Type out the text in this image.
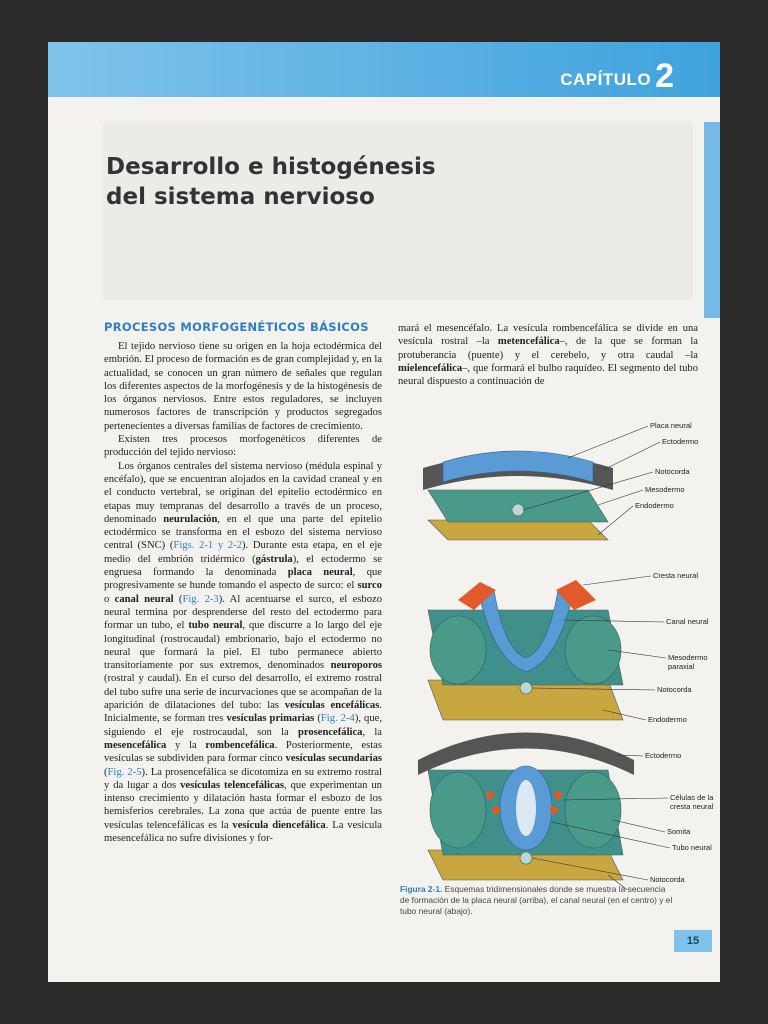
CAPÍTULO 2
Desarrollo e histogénesis
del sistema nervioso
PROCESOS MORFOGENÉTICOS BÁSICOS

El tejido nervioso tiene su origen en la hoja ectodérmica del embrión. El proceso de formación es de gran complejidad y, en la actualidad, se conocen un gran número de señales que regulan los diferentes aspectos de la morfogénesis y de la histogénesis de los órganos nerviosos. Entre estos reguladores, se incluyen numerosos factores de transcripción y productos segregados pertenecientes a diversas familias de factores de crecimiento.

Existen tres procesos morfogenéticos diferentes de producción del tejido nervioso:

Los órganos centrales del sistema nervioso (médula espinal y encéfalo), que se encuentran alojados en la cavidad craneal y en el conducto vertebral, se originan del epitelio ectodérmico en etapas muy tempranas del desarrollo a través de un proceso, denominado neurulación, en el que una parte del epitelio ectodérmico se transforma en el esbozo del sistema nervioso central (SNC) (Figs. 2-1 y 2-2). Durante esta etapa, en el eje medio del embrión tridérmico (gástrula), el ectodermo se engruesa formando la denominada placa neural, que progresivamente se hunde tomando el aspecto de surco: el surco o canal neural (Fig. 2-3). Al acentuarse el surco, el esbozo neural termina por desprenderse del resto del ectodermo para formar un tubo, el tubo neural, que discurre a lo largo del eje longitudinal (rostrocaudal) embrionario, bajo el ectodermo no neural que formará la piel. El tubo permanece abierto transitoriamente por sus extremos, denominados neuroporos (rostral y caudal). En el curso del desarrollo, el extremo rostral del tubo sufre una serie de incurvaciones que se acompañan de la aparición de dilataciones del tubo: las vesículas encefálicas. Inicialmente, se forman tres vesículas primarias (Fig. 2-4), que, siguiendo el eje rostrocaudal, son la prosencefálica, la mesencefálica y la rombencefálica. Posteriormente, estas vesículas se subdividen para formar cinco vesículas secundarias (Fig. 2-5). La prosencefálica se dicotomiza en su extremo rostral y da lugar a dos vesículas telencefálicas, que experimentan un intenso crecimiento y dilatación hasta formar el esbozo de los hemisferios cerebrales. La zona que actúa de puente entre las vesículas telencefálicas es la vesícula diencefálica. La vesícula mesencefálica no sufre divisiones y for-

mará el mesencéfalo. La vesícula rombencefálica se divide en una vesícula rostral –la metencefálica–, de la que se forman la protuberancia (puente) y el cerebelo, y otra caudal –la mielencefálica–, que formará el bulbo raquídeo. El segmento del tubo neural dispuesto a continuación de

Placa neural
Ectodermo
Notocorda
Mesodermo
Endodermo
Cresta neural
Canal neural
Mesodermo
paraxial
Notocorda
Endodermo
Ectodermo
Células de la
cresta neural
Somita
Tubo neural
Notocorda
Figura 2-1. Esquemas tridimensionales donde se muestra la secuencia de formación de la placa neural (arriba), el canal neural (en el centro) y el tubo neural (abajo).
15
